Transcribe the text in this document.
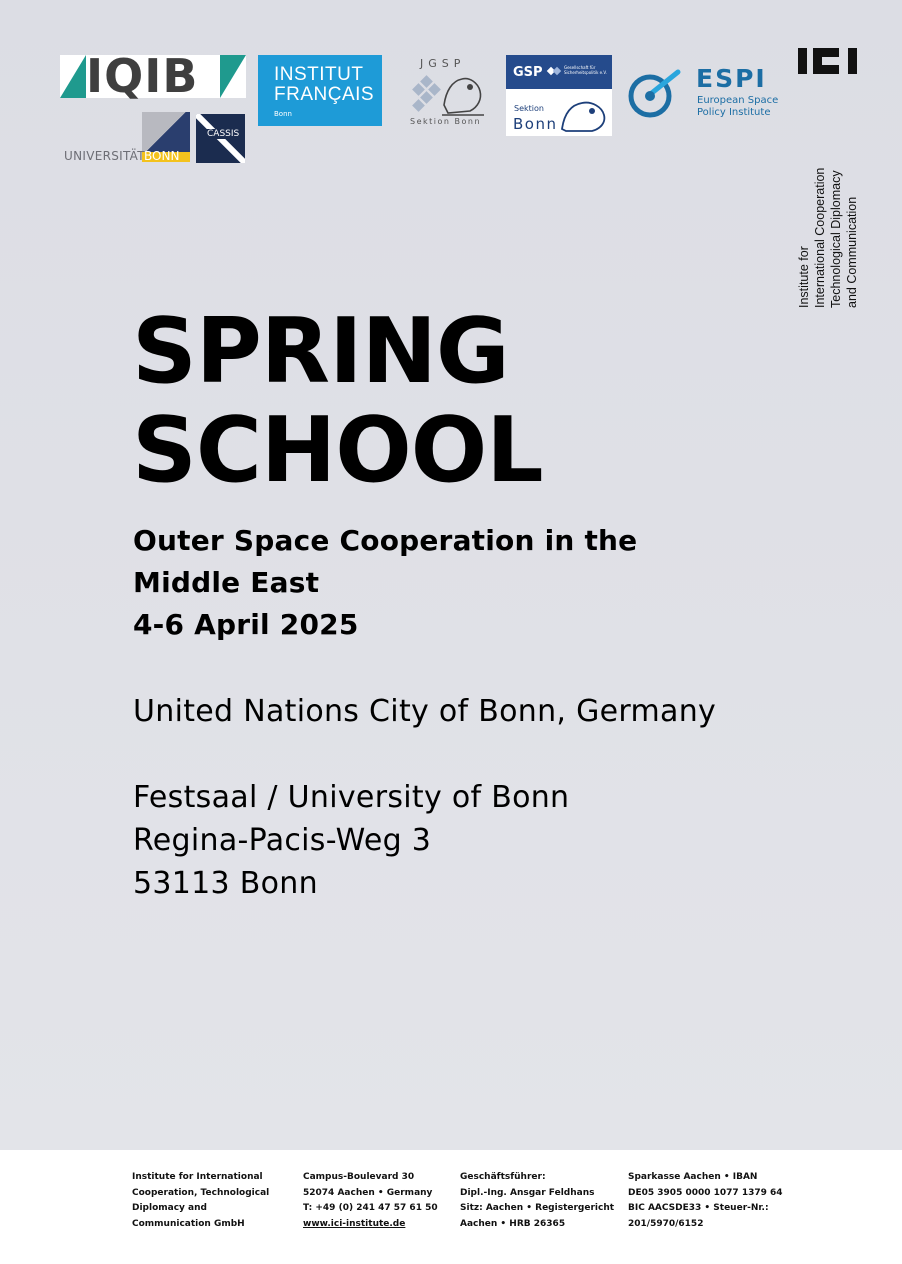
IQIB
UNIVERSITÄT BONN
CASSIS
INSTITUT
FRANÇAIS
Bonn
JGSP
Sektion Bonn
GSP	Gesellschaft für Sicherheitspolitik e.V.
Sektion
Bonn
ESPI
European Space
Policy Institute
Institute for International Cooperation Technological Diplomacy and Communication
SPRING
SCHOOL
Outer Space Cooperation in the
Middle East
4-6 April 2025
United Nations City of Bonn, Germany
Festsaal / University of Bonn
Regina-Pacis-Weg 3
53113 Bonn
Institute for International
Cooperation, Technological
Diplomacy and
Communication GmbH
Campus-Boulevard 30
52074 Aachen • Germany
T: +49 (0) 241 47 57 61 50
www.ici-institute.de
Geschäftsführer:
Dipl.-Ing. Ansgar Feldhans
Sitz: Aachen • Registergericht
Aachen • HRB 26365
Sparkasse Aachen • IBAN
DE05 3905 0000 1077 1379 64
BIC AACSDE33 • Steuer-Nr.:
201/5970/6152
